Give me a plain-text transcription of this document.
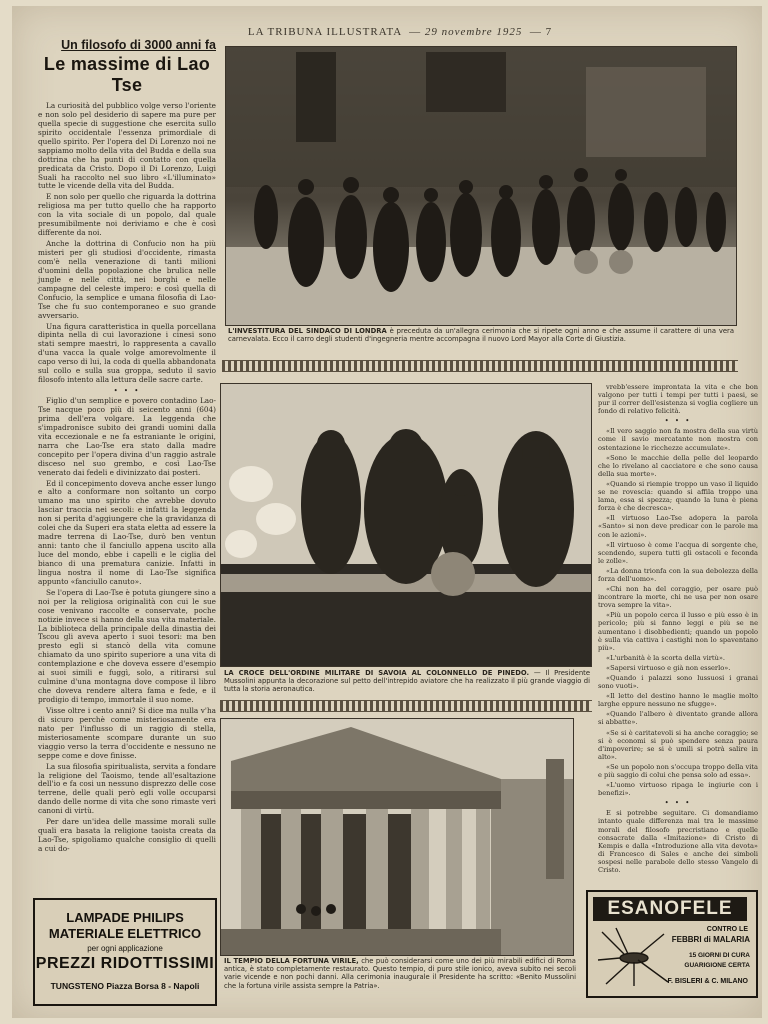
LA TRIBUNA ILLUSTRATA  — 29 novembre 1925 — 7
Un filosofo di 3000 anni fa
Le massime di Lao Tse

La curiosità del pubblico volge verso l'oriente e non solo pel desiderio di sapere ma pure per quella specie di suggestione che esercita sullo spirito occidentale l'essenza primordiale di quello spirito. Per l'opera del Di Lorenzo noi ne sappiamo molto della vita del Budda e della sua dottrina che ha punti di contatto con quella predicata da Cristo. Dopo il Di Lorenzo, Luigi Suali ha raccolto nel suo libro «L'illuminato» tutte le vicende della vita del Budda.

E non solo per quello che riguarda la dottrina religiosa ma per tutto quello che ha rapporto con la vita sociale di un popolo, dal quale presumibilmente noi deriviamo e che è così differente da noi.

Anche la dottrina di Confucio non ha più misteri per gli studiosi d'occidente, rimasta com'è nella venerazione di tanti milioni d'uomini della popolazione che brulica nelle jungle e nelle città, nei borghi e nelle campagne del celeste impero: e così quella di Confucio, la semplice e umana filosofia di Lao-Tse che fu suo contemporaneo e suo grande avversario.

Una figura caratteristica in quella porcellana dipinta nella di cui lavorazione i cinesi sono stati sempre maestri, lo rappresenta a cavallo d'una vacca la quale volge amorevolmente il capo verso di lui, la coda di quella abbandonata sul collo e sulla sua groppa, seduto il savio filosofo intento alla lettura delle sacre carte.

• • •

Figlio d'un semplice e povero contadino Lao-Tse nacque poco più di seicento anni (604) prima dell'era volgare. La leggenda che s'impadronisce subito dei grandi uomini dalla vita eccezionale e ne fa estraniante le origini, narra che Lao-Tse era stato dalla madre concepito per l'opera divina d'un raggio astrale disceso nel suo grembo, e così Lao-Tse venerato dai fedeli e divinizzato dai posteri.

Ed il concepimento doveva anche esser lungo e alto a conformare non soltanto un corpo umano ma uno spirito che avrebbe dovuto lasciar traccia nei secoli: e infatti la leggenda non si perita d'aggiungere che la gravidanza di colei che da Superi era stata eletta ad essere la madre terrena di Lao-Tse, durò ben ventun anni: tanto che il fanciullo appena uscito alla luce del mondo, ebbe i capelli e le ciglia del bianco di una prematura canizie. Infatti in lingua nostra il nome di Lao-Tse significa appunto «fanciullo canuto».

Se l'opera di Lao-Tse è potuta giungere sino a noi per la religiosa originalità con cui le sue cose venivano raccolte e conservate, poche notizie invece si hanno della sua vita materiale. La biblioteca della principale della dinastia dei Tscou gli aveva aperto i suoi tesori: ma ben presto egli si stancò della vita comune chiamato da uno spirito superiore a una vita di contemplazione e che doveva essere d'esempio ai suoi simili e fuggì, solo, a ritirarsi sul culmine d'una montagna dove compose il libro che doveva rendere altera fama e fede, e il prodigio di tempo, immortale il suo nome.

Visse oltre i cento anni? Si dice ma nulla v'ha di sicuro perchè come misteriosamente era nato per l'influsso di un raggio di stella, misteriosamente scompare durante un suo viaggio verso la terra d'occidente e nessuno ne seppe come e dove finisse.

La sua filosofia spiritualista, servita a fondare la religione del Taoismo, tende all'esaltazione dell'io e fa cosi un nessuno disprezzo delle cose terrene, delle quali però egli volle occuparsi dando delle norme di vita che sono rimaste veri canoni di virtù.

Per dare un'idea delle massime morali sulle quali era basata la religione taoista creata da Lao-Tse, spigoliamo qualche consiglio di quelli a cui do-

L'INVESTITURA DEL SINDACO DI LONDRA è preceduta da un'allegra cerimonia che si ripete ogni anno e che assume il carattere di una vera carnevalata. Ecco il carro degli studenti d'ingegneria mentre accompagna il nuovo Lord Mayor alla Corte di Giustizia.
LA CROCE DELL'ORDINE MILITARE DI SAVOIA AL COLONNELLO DE PINEDO. — Il Presidente Mussolini appunta la decorazione sul petto dell'intrepido aviatore che ha realizzato il più grande viaggio di tutta la storia aeronautica.
IL TEMPIO DELLA FORTUNA VIRILE, che può considerarsi come uno dei più mirabili edifici di Roma antica, è stato completamente restaurato. Questo tempio, di puro stile ionico, aveva subito nei secoli varie vicende e non pochi danni. Alla cerimonia inaugurale il Presidente ha scritto: «Benito Mussolini che la fortuna virile assista sempre la Patria».

vrebb'essere improntata la vita e che bon valgono per tutti i tempi per tutti i paesi, se pur il correr dell'esistenza si voglia cogliere un fondo di relativo felicità.

• • •

«Il vero saggio non fa mostra della sua virtù come il savio mercatante non mostra con ostentazione le ricchezze accumulate».

«Sono le macchie della pelle del leopardo che lo rivelano al cacciatore e che sono causa della sua morte».

«Quando si riempie troppo un vaso il liquido se ne rovescia: quando si affila troppo una lama, essa si spezza; quando la luna è piena forza è che decresca».

«Il virtuoso Lao-Tse adopera la parola «Santo» si non deve predicar con le parole ma con le azioni».

«Il virtuoso è come l'acqua di sorgente che, scendendo, supera tutti gli ostacoli e feconda le zolle».

«La donna trionfa con la sua debolezza della forza dell'uomo».

«Chi non ha del coraggio, per osare può incontrare la morte, chi ne usa per non osare trova sempre la vita».

«Più un popolo cerca il lusso e più esso è in pericolo; più si fanno leggi e più se ne aumentano i disobbedienti; quando un popolo è sulla via cattiva i castighi non lo spaventano più».

«L'urbanità è la scorta della virtù».

«Sapersi virtuoso e già non esserlo».

«Quando i palazzi sono lussuosi i granai sono vuoti».

«Il letto del destino hanno le maglie molto larghe eppure nessuno ne sfugge».

«Quando l'albero è diventato grande allora si abbatte».

«Se si è caritatevoli si ha anche coraggio; se si è economi si può spendere senza paura d'impoverire; se si è umili si potrà salire in alto».

«Se un popolo non s'occupa troppo della vita e più saggio di colui che pensa solo ad essa».

«L'uomo virtuoso ripaga le ingiurie con i benefizi».

• • •

E si potrebbe seguitare. Ci domandiamo intanto quale differenza mai tra le massime morali del filosofo precristiano e quelle consacrate dalla «Imitazione» di Cristo di Kempis e dalla «Introduzione alla vita devota» di Francesco di Sales e anche dei simboli sospesi nelle parabole dello stesso Vangelo di Cristo.

LAMPADE PHILIPS
MATERIALE ELETTRICO
per ogni applicazione
PREZZI RIDOTTISSIMI
TUNGSTENO Piazza Borsa 8 - Napoli
ESANOFELE
CONTRO LE
FEBBRI di MALARIA
15 GIORNI DI CURA
GUARIGIONE CERTA
F. BISLERI & C. MILANO
